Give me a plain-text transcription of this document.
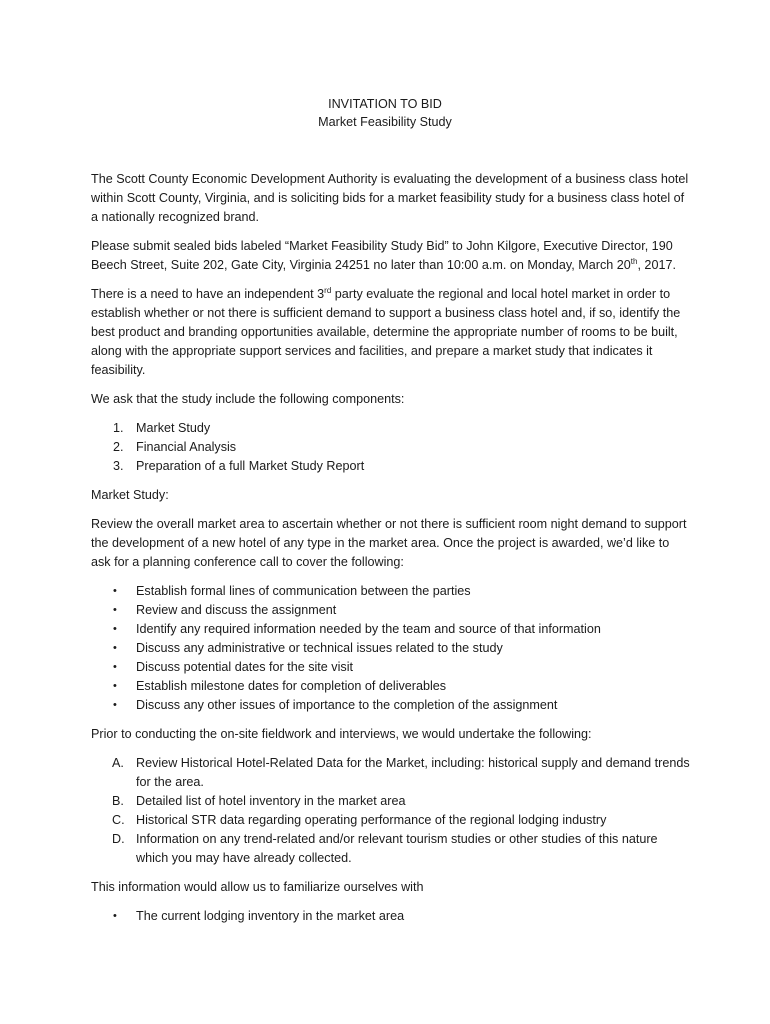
INVITATION TO BID
Market Feasibility Study

The Scott County Economic Development Authority is evaluating the development of a business class hotel within Scott County, Virginia, and is soliciting bids for a market feasibility study for a business class hotel of a nationally recognized brand.

Please submit sealed bids labeled “Market Feasibility Study Bid” to John Kilgore, Executive Director, 190 Beech Street, Suite 202, Gate City, Virginia 24251 no later than 10:00 a.m. on Monday, March 20th, 2017.

There is a need to have an independent 3rd party evaluate the regional and local hotel market in order to establish whether or not there is sufficient demand to support a business class hotel and, if so, identify the best product and branding opportunities available, determine the appropriate number of rooms to be built, along with the appropriate support services and facilities, and prepare a market study that indicates it feasibility.

We ask that the study include the following components:

1. Market Study
2. Financial Analysis
3. Preparation of a full Market Study Report

Market Study:

Review the overall market area to ascertain whether or not there is sufficient room night demand to support the development of a new hotel of any type in the market area. Once the project is awarded, we’d like to ask for a planning conference call to cover the following:

• Establish formal lines of communication between the parties
• Review and discuss the assignment
• Identify any required information needed by the team and source of that information
• Discuss any administrative or technical issues related to the study
• Discuss potential dates for the site visit
• Establish milestone dates for completion of deliverables
• Discuss any other issues of importance to the completion of the assignment

Prior to conducting the on-site fieldwork and interviews, we would undertake the following:

A. Review Historical Hotel-Related Data for the Market, including: historical supply and demand trends for the area.
B. Detailed list of hotel inventory in the market area
C. Historical STR data regarding operating performance of the regional lodging industry
D. Information on any trend-related and/or relevant tourism studies or other studies of this nature which you may have already collected.

This information would allow us to familiarize ourselves with

• The current lodging inventory in the market area
